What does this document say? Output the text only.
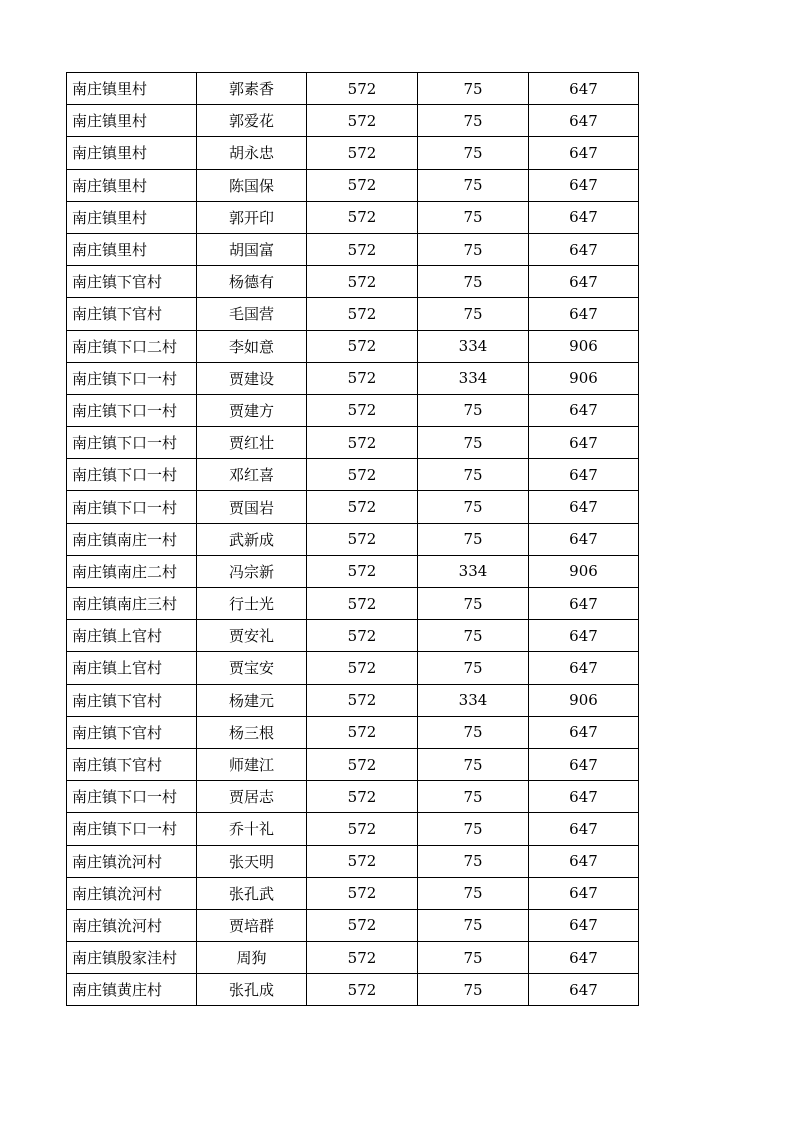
南庄镇里村	郭素香	572	75	647
南庄镇里村	郭爱花	572	75	647
南庄镇里村	胡永忠	572	75	647
南庄镇里村	陈国保	572	75	647
南庄镇里村	郭开印	572	75	647
南庄镇里村	胡国富	572	75	647
南庄镇下官村	杨德有	572	75	647
南庄镇下官村	毛国营	572	75	647
南庄镇下口二村	李如意	572	334	906
南庄镇下口一村	贾建设	572	334	906
南庄镇下口一村	贾建方	572	75	647
南庄镇下口一村	贾红壮	572	75	647
南庄镇下口一村	邓红喜	572	75	647
南庄镇下口一村	贾国岩	572	75	647
南庄镇南庄一村	武新成	572	75	647
南庄镇南庄二村	冯宗新	572	334	906
南庄镇南庄三村	行士光	572	75	647
南庄镇上官村	贾安礼	572	75	647
南庄镇上官村	贾宝安	572	75	647
南庄镇下官村	杨建元	572	334	906
南庄镇下官村	杨三根	572	75	647
南庄镇下官村	师建江	572	75	647
南庄镇下口一村	贾居志	572	75	647
南庄镇下口一村	乔十礼	572	75	647
南庄镇沇河村	张天明	572	75	647
南庄镇沇河村	张孔武	572	75	647
南庄镇沇河村	贾培群	572	75	647
南庄镇殷家洼村	周狗	572	75	647
南庄镇黄庄村	张孔成	572	75	647
